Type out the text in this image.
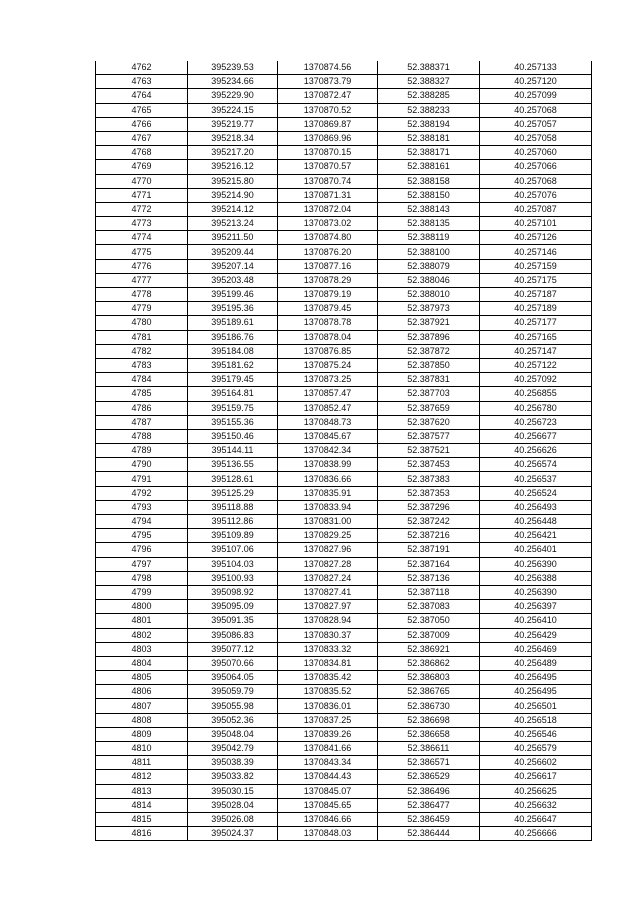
4762	395239.53	1370874.56	52.388371	40.257133
4763	395234.66	1370873.79	52.388327	40.257120
4764	395229.90	1370872.47	52.388285	40.257099
4765	395224.15	1370870.52	52.388233	40.257068
4766	395219.77	1370869.87	52.388194	40.257057
4767	395218.34	1370869.96	52.388181	40.257058
4768	395217.20	1370870.15	52.388171	40.257060
4769	395216.12	1370870.57	52.388161	40.257066
4770	395215.80	1370870.74	52.388158	40.257068
4771	395214.90	1370871.31	52.388150	40.257076
4772	395214.12	1370872.04	52.388143	40.257087
4773	395213.24	1370873.02	52.388135	40.257101
4774	395211.50	1370874.80	52.388119	40.257126
4775	395209.44	1370876.20	52.388100	40.257146
4776	395207.14	1370877.16	52.388079	40.257159
4777	395203.48	1370878.29	52.388046	40.257175
4778	395199.46	1370879.19	52.388010	40.257187
4779	395195.36	1370879.45	52.387973	40.257189
4780	395189.61	1370878.78	52.387921	40.257177
4781	395186.76	1370878.04	52.387896	40.257165
4782	395184.08	1370876.85	52.387872	40.257147
4783	395181.62	1370875.24	52.387850	40.257122
4784	395179.45	1370873.25	52.387831	40.257092
4785	395164.81	1370857.47	52.387703	40.256855
4786	395159.75	1370852.47	52.387659	40.256780
4787	395155.36	1370848.73	52.387620	40.256723
4788	395150.46	1370845.67	52.387577	40.256677
4789	395144.11	1370842.34	52.387521	40.256626
4790	395136.55	1370838.99	52.387453	40.256574
4791	395128.61	1370836.66	52.387383	40.256537
4792	395125.29	1370835.91	52.387353	40.256524
4793	395118.88	1370833.94	52.387296	40.256493
4794	395112.86	1370831.00	52.387242	40.256448
4795	395109.89	1370829.25	52.387216	40.256421
4796	395107.06	1370827.96	52.387191	40.256401
4797	395104.03	1370827.28	52.387164	40.256390
4798	395100.93	1370827.24	52.387136	40.256388
4799	395098.92	1370827.41	52.387118	40.256390
4800	395095.09	1370827.97	52.387083	40.256397
4801	395091.35	1370828.94	52.387050	40.256410
4802	395086.83	1370830.37	52.387009	40.256429
4803	395077.12	1370833.32	52.386921	40.256469
4804	395070.66	1370834.81	52.386862	40.256489
4805	395064.05	1370835.42	52.386803	40.256495
4806	395059.79	1370835.52	52.386765	40.256495
4807	395055.98	1370836.01	52.386730	40.256501
4808	395052.36	1370837.25	52.386698	40.256518
4809	395048.04	1370839.26	52.386658	40.256546
4810	395042.79	1370841.66	52.386611	40.256579
4811	395038.39	1370843.34	52.386571	40.256602
4812	395033.82	1370844.43	52.386529	40.256617
4813	395030.15	1370845.07	52.386496	40.256625
4814	395028.04	1370845.65	52.386477	40.256632
4815	395026.08	1370846.66	52.386459	40.256647
4816	395024.37	1370848.03	52.386444	40.256666
